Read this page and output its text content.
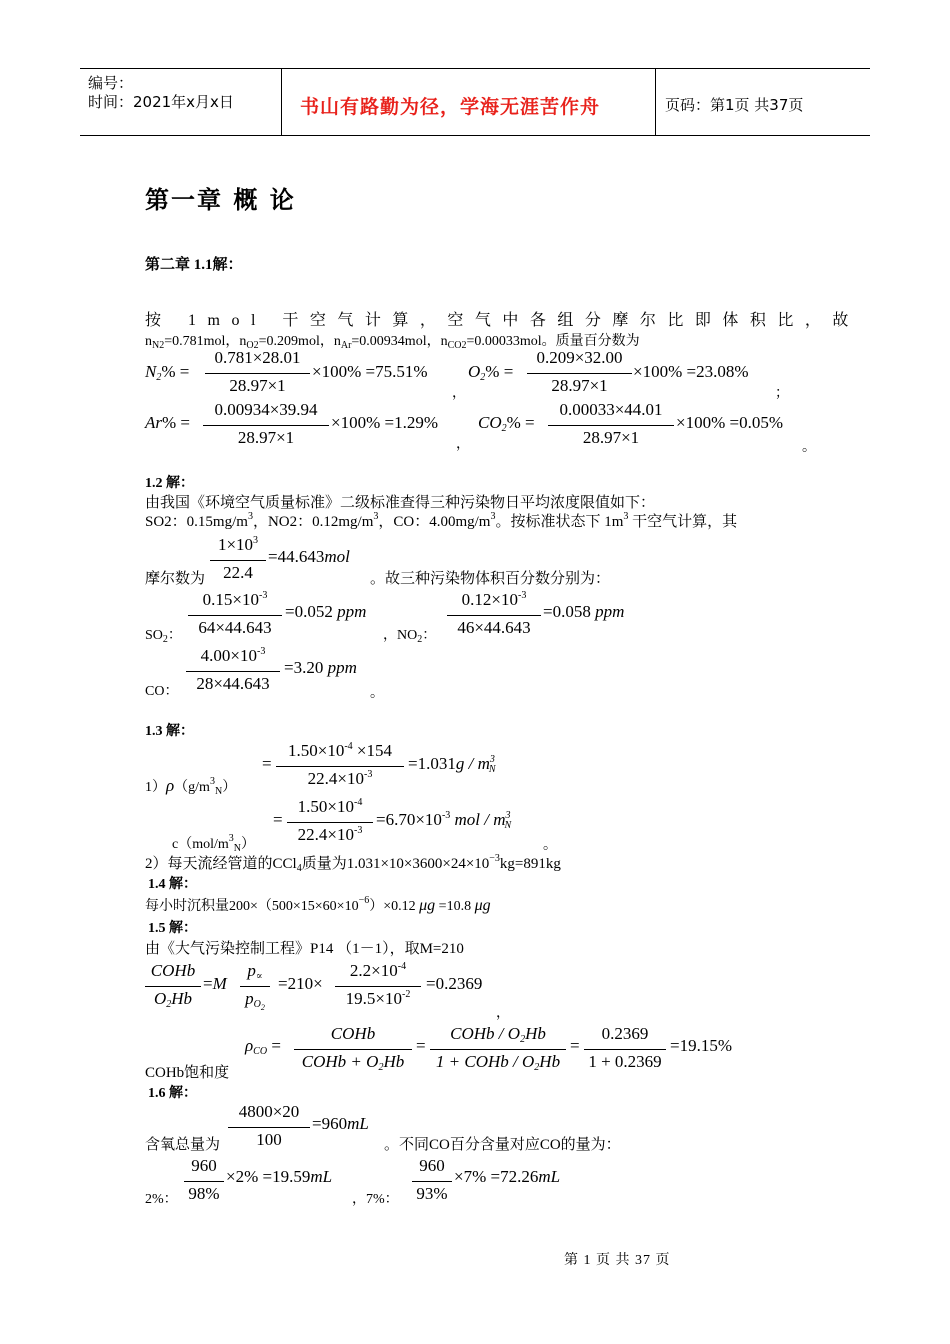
编号：
时间：2021年x月x日	书山有路勤为径，学海无涯苦作舟	页码：第1页 共37页
第一章 概 论
第二章 1.1解：
按 1mol 干空气计算，空气中各组分摩尔比即体积比，故
$n_{N2}=0.781mol$，$n_{O2}=0.209mol$，$n_{Ar}=0.00934mol$，$n_{CO2}=0.00033mol$。质量百分数为
$N_2\%$ =
0.781×28.01
28.97×1
×100% =75.51%
，
$O_2\%$ =
0.209×32.00
28.97×1
×100% =23.08%
；
Ar% =
0.00934×39.94
28.97×1
×100% =1.29%
，
$CO_2\%$ =
0.00033×44.01
28.97×1
×100% =0.05%
。
1.2 解：
由我国《环境空气质量标准》二级标准查得三种污染物日平均浓度限值如下：
SO2：$0.15mg/m^3$，NO2：$0.12mg/m^3$，CO：$4.00mg/m^3$。按标准状态下 $1m^3$ 干空气计算，其
摩尔数为
$1\times 10^3$
22.4
=44.643mol
。故三种污染物体积百分数分别为：
$SO_2$：
$0.15\times 10^{-3}$
64×44.643
=0.052 ppm
，$NO_2$：
$0.12\times 10^{-3}$
46×44.643
=0.058 ppm
CO：
$4.00\times 10^{-3}$
28×44.643
=3.20 ppm
。
1.3 解：
$1)\rho(g/m^3_N)$
=
$1.50\times 10^{-4} \times 154$
$22.4\times 10^{-3}$
$=1.031g / m^3_N$
$c(mol/m^3_N)$
=
$1.50\times 10^{-4}$
$22.4\times 10^{-3}$
$=6.70\times 10^{-3}$ mol / $m^3_N$
。
2）每天流经管道的CCl$_4$质量为$1.031\times 10\times 3600\times 24\times 10^{-3}kg=891kg$
1.4 解：
每小时沉积量$200\times(500\times 15\times 60\times 10^{-6})\times 0.12$ μg =10.8 μg
1.5 解：
由《大气污染控制工程》P14 （1－1），取M=210
COHb
$O_2Hb$
=M
$p_\propto$
$p_{O_2}$
=210×
$2.2\times 10^{-4}$
$19.5\times 10^{-2}$
=0.2369
，
COHb饱和度
$\rho_{CO}$ =
COHb
COHb + $O_2Hb$
=
COHb / $O_2Hb$
1 + COHb / $O_2Hb$
=
0.2369
1 + 0.2369
=19.15%
1.6 解：
含氧总量为
4800×20
100
=960mL
。不同CO百分含量对应CO的量为：
2%：
960
98%
×2% =19.59mL
，7%：
960
93%
×7% =72.26mL
第 1 页 共 37 页
